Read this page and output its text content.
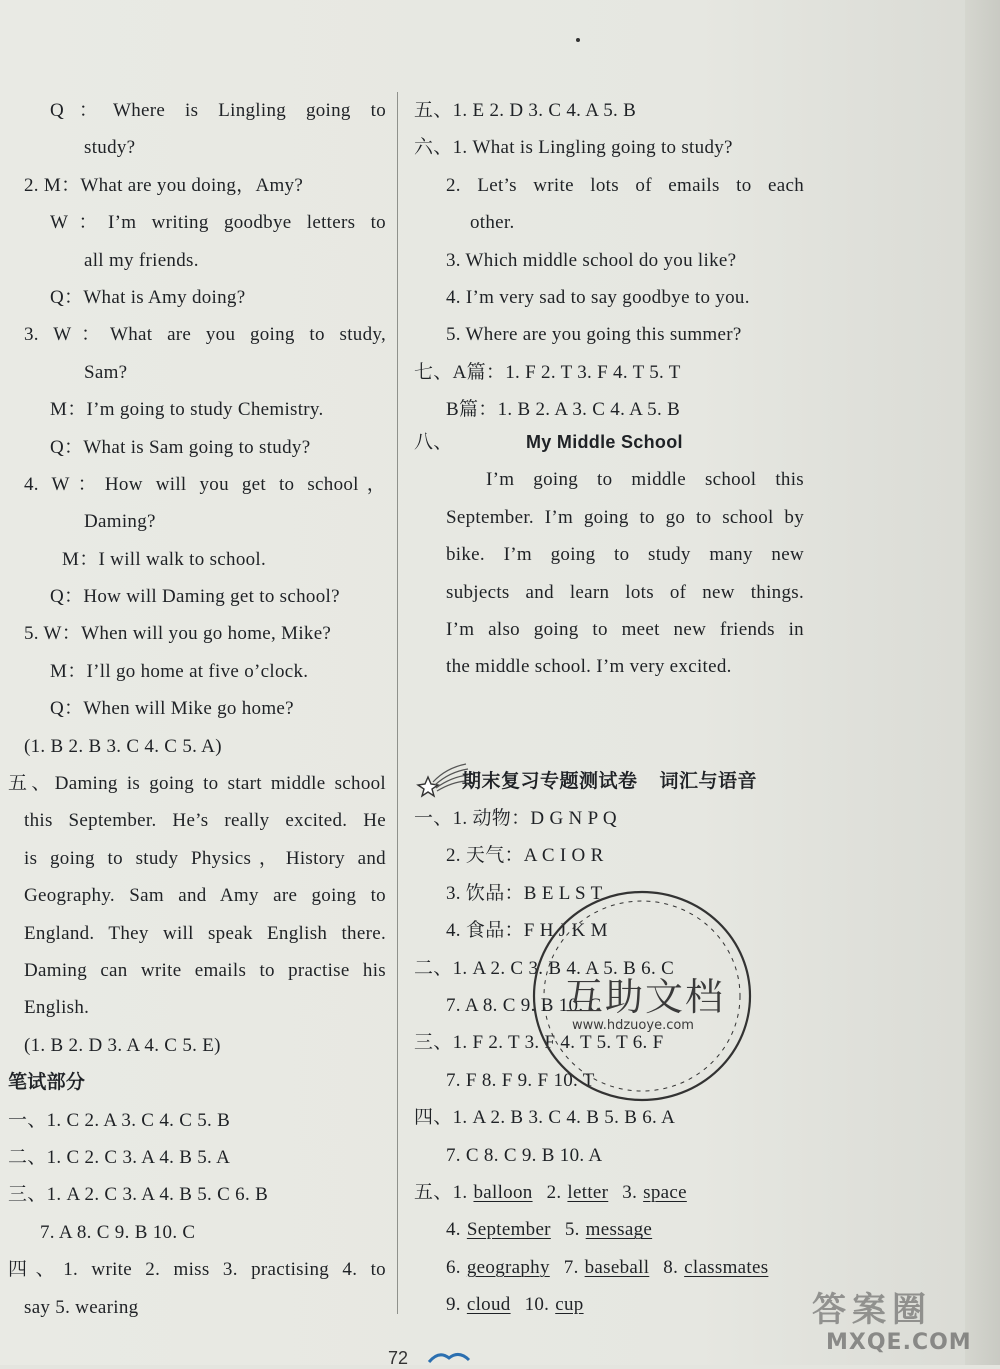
Q：Where is Lingling going to
study?
2. M：What are you doing，Amy?
W：I’m writing goodbye letters to
all my friends.
Q：What is Amy doing?
3. W：What are you going to study,
Sam?
M：I’m going to study Chemistry.
Q：What is Sam going to study?
4. W：How will you get to school，
Daming?
M：I will walk to school.
Q：How will Daming get to school?
5. W：When will you go home, Mike?
M：I’ll go home at five o’clock.
Q：When will Mike go home?
(1. B 2. B 3. C 4. C 5. A)
五、Daming is going to start middle school
this September. He’s really excited. He
is going to study Physics，History and
Geography. Sam and Amy are going to
England. They will speak English there.
Daming can write emails to practise his
English.
(1. B 2. D 3. A 4. C 5. E)
笔试部分
一、1. C 2. A 3. C 4. C 5. B
二、1. C 2. C 3. A 4. B 5. A
三、1. A 2. C 3. A 4. B 5. C 6. B
7. A 8. C 9. B 10. C
四、1. write 2. miss 3. practising 4. to
say 5. wearing
五、1. E 2. D 3. C 4. A 5. B
六、1. What is Lingling going to study?
2. Let’s write lots of emails to each
other.
3. Which middle school do you like?
4. I’m very sad to say goodbye to you.
5. Where are you going this summer?
七、A篇：1. F 2. T 3. F 4. T 5. T
B篇：1. B 2. A 3. C 4. A 5. B
八、	My Middle School
I’m going to middle school this
September. I’m going to go to school by
bike. I’m going to study many new
subjects and learn lots of new things.
I’m also going to meet new friends in
the middle school. I’m very excited.
期末复习专题测试卷 词汇与语音
一、1. 动物：D G N P Q
2. 天气：A C I O R
3. 饮品：B E L S T
4. 食品：F H J K M
二、1. A 2. C 3. B 4. A 5. B 6. C
7. A 8. C 9. B 10. C
三、1. F 2. T 3. F 4. T 5. T 6. F
7. F 8. F 9. F 10. T
四、1. A 2. B 3. C 4. B 5. B 6. A
7. C 8. C 9. B 10. A
五、1. balloon 2. letter 3. space
4. September 5. message
6. geography 7. baseball 8. classmates
9. cloud 10. cup
互助文档
www.hdzuoye.com
答案圈
MXQE.COM
72
